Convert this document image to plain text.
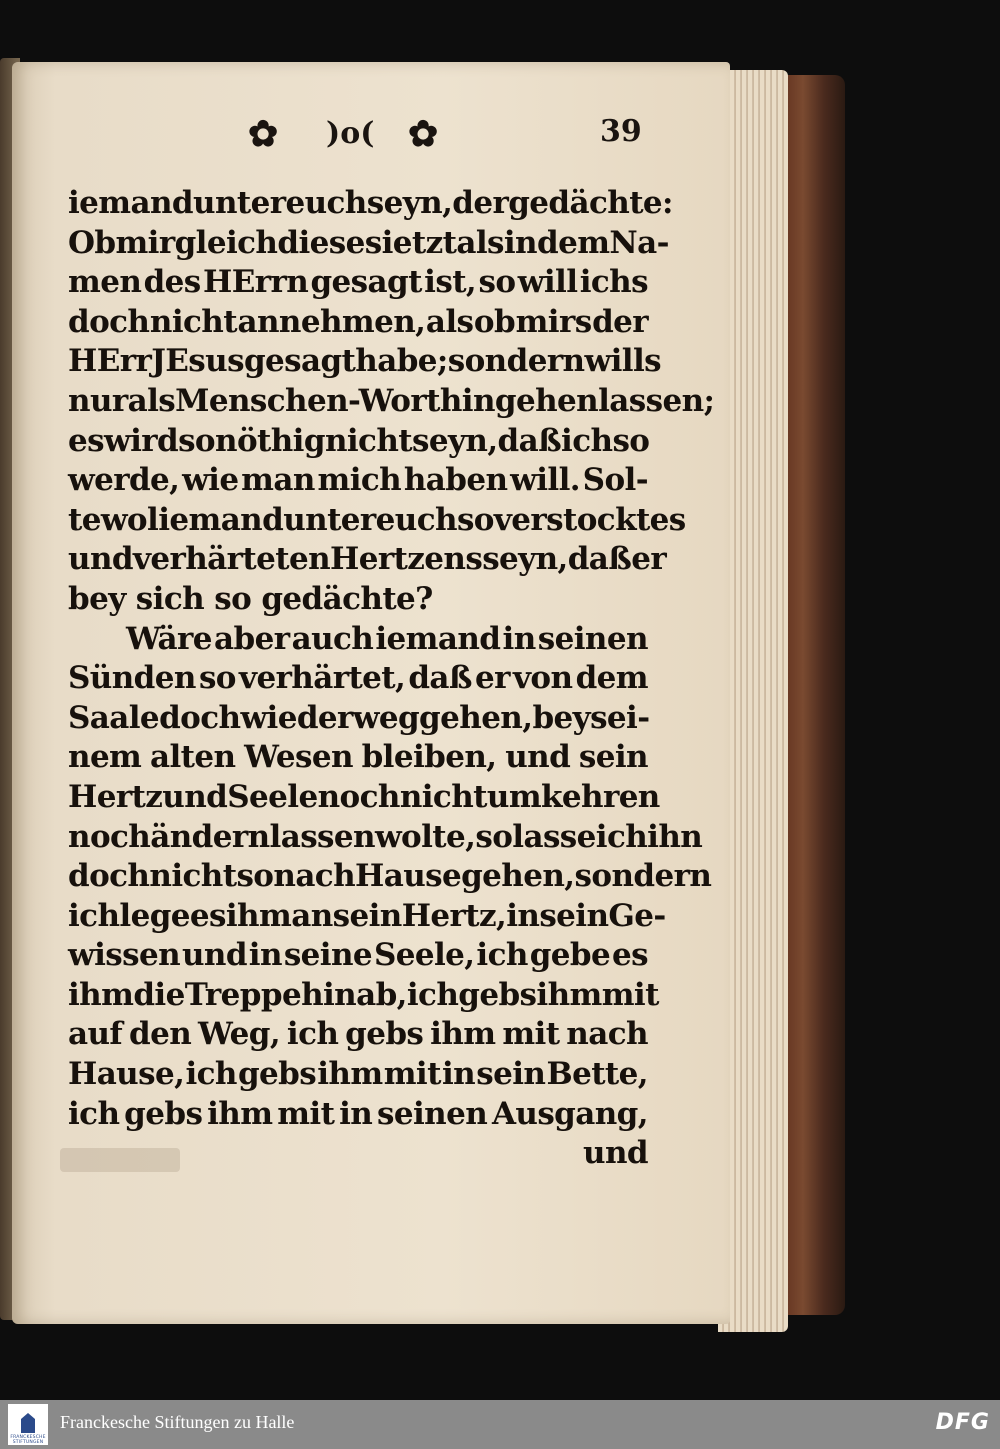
✿ )o( ✿	39
iemand unter euch seyn, der gedächte:
Ob mir gleich dieses ietzt als in dem Na-
men des HErrn gesagt ist, so will ichs
doch nicht annehmen, als ob mirs der
HErr JEsus gesagt habe; sondern wills
nur als Menschen-Wort hingehen lassen;
es wird so nöthig nicht seyn, daß ich so
werde, wie man mich haben will. Sol-
te wol iemand unter euch so verstocktes
und verhärteten Hertzens seyn, daß er
bey sich so gedächte?
Wäre aber auch iemand in seinen
Sünden so verhärtet, daß er von dem
Saale doch wieder weggehen, bey sei-
nem alten Wesen bleiben, und sein
Hertz und Seele noch nicht umkehren
noch ändern lassen wolte, so lasse ich ihn
doch nicht so nach Hause gehen, sondern
ich lege es ihm an sein Hertz, in sein Ge-
wissen und in seine Seele, ich gebe es
ihm die Treppe hinab, ich gebs ihm mit
auf den Weg, ich gebs ihm mit nach
Hause, ich gebs ihm mit in sein Bette,
ich gebs ihm mit in seinen Ausgang,
und
FRANCKESCHE
STIFTUNGEN
Franckesche Stiftungen zu Halle	DFG
